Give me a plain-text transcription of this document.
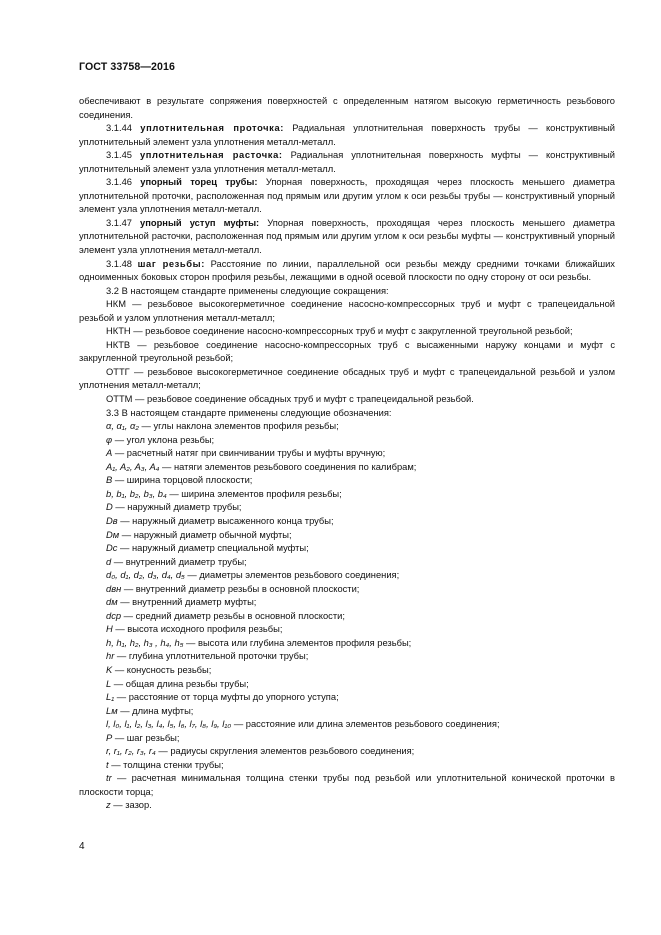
ГОСТ 33758—2016

обеспечивают в результате сопряжения поверхностей с определенным натягом высокую герметичность резьбового соединения.

3.1.44 уплотнительная проточка: Радиальная уплотнительная поверхность трубы — конструктивный уплотнительный элемент узла уплотнения металл-металл.

3.1.45 уплотнительная расточка: Радиальная уплотнительная поверхность муфты — конструктивный уплотнительный элемент узла уплотнения металл-металл.

3.1.46 упорный торец трубы: Упорная поверхность, проходящая через плоскость меньшего диаметра уплотнительной проточки, расположенная под прямым или другим углом к оси резьбы трубы — конструктивный упорный элемент узла уплотнения металл-металл.

3.1.47 упорный уступ муфты: Упорная поверхность, проходящая через плоскость меньшего диаметра уплотнительной расточки, расположенная под прямым или другим углом к оси резьбы муфты — конструктивный упорный элемент узла уплотнения металл-металл.

3.1.48 шаг резьбы: Расстояние по линии, параллельной оси резьбы между средними точками ближайших одноименных боковых сторон профиля резьбы, лежащими в одной осевой плоскости по одну сторону от оси резьбы.

3.2 В настоящем стандарте применены следующие сокращения:

НКМ — резьбовое высокогерметичное соединение насосно-компрессорных труб и муфт с трапецеидальной резьбой и узлом уплотнения металл-металл;

НКТН — резьбовое соединение насосно-компрессорных труб и муфт с закругленной треугольной резьбой;

НКТВ — резьбовое соединение насосно-компрессорных труб с высаженными наружу концами и муфт с закругленной треугольной резьбой;

ОТТГ — резьбовое высокогерметичное соединение обсадных труб и муфт с трапецеидальной резьбой и узлом уплотнения металл-металл;

ОТТМ — резьбовое соединение обсадных труб и муфт с трапецеидальной резьбой.

3.3 В настоящем стандарте применены следующие обозначения:

α, α₁, α₂ — углы наклона элементов профиля резьбы;
φ — угол уклона резьбы;
A — расчетный натяг при свинчивании трубы и муфты вручную;
A₁, A₂, A₃, A₄ — натяги элементов резьбового соединения по калибрам;
B — ширина торцовой плоскости;
b, b₁, b₂, b₃, b₄ — ширина элементов профиля резьбы;
D — наружный диаметр трубы;
Dв — наружный диаметр высаженного конца трубы;
Dм — наружный диаметр обычной муфты;
Dс — наружный диаметр специальной муфты;
d — внутренний диаметр трубы;
d₀, d₁, d₂, d₃, d₄, d₅ — диаметры элементов резьбового соединения;
dвн — внутренний диаметр резьбы в основной плоскости;
dм — внутренний диаметр муфты;
dср — средний диаметр резьбы в основной плоскости;
H — высота исходного профиля резьбы;
h, h₁, h₂, h₃ , h₄, h₅ — высота или глубина элементов профиля резьбы;
hr — глубина уплотнительной проточки трубы;
K — конусность резьбы;
L — общая длина резьбы трубы;
L₁ — расстояние от торца муфты до упорного уступа;
Lм — длина муфты;
l, l₀, l₁, l₂, l₃, l₄, l₅, l₆, l₇, l₈, l₉, l₁₀ — расстояние или длина элементов резьбового соединения;
P — шаг резьбы;
r, r₁, r₂, r₃, r₄ — радиусы скругления элементов резьбового соединения;
t — толщина стенки трубы;
tr — расчетная минимальная толщина стенки трубы под резьбой или уплотнительной конической проточки в плоскости торца;
z — зазор.
4
